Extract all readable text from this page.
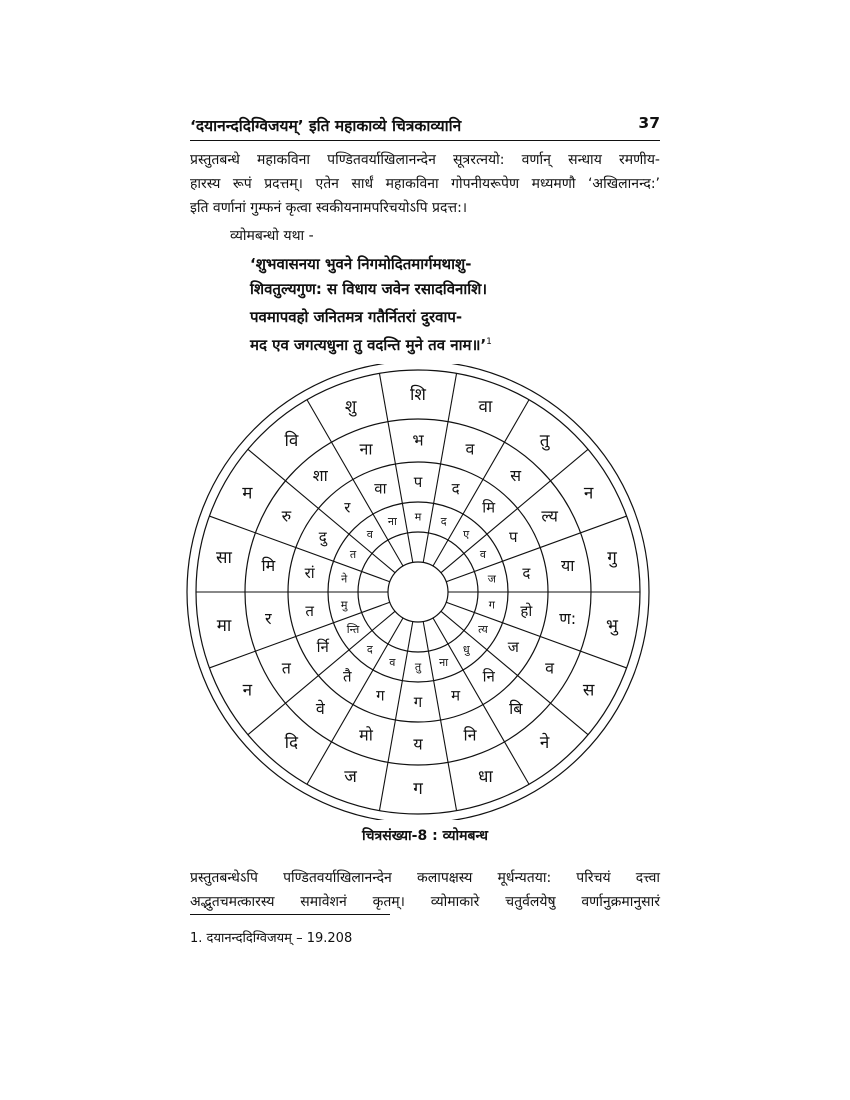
‘दयानन्ददिग्विजयम्’ इति महाकाव्ये चित्रकाव्यानि	37
प्रस्तुतबन्धे महाकविना पण्डितवर्याखिलानन्देन सूत्ररत्नयो: वर्णान् सन्धाय रमणीय-
हारस्य रूपं प्रदत्तम्। एतेन सार्धं महाकविना गोपनीयरूपेण मध्यमणौ ‘अखिलानन्द:’
इति वर्णानां गुम्फनं कृत्वा स्वकीयनामपरिचयोऽपि प्रदत्त:।
व्योमबन्धो यथा -
‘शुभवासनया भुवने निगमोदितमार्गमथाशु-
शिवतुल्यगुण: स विधाय जवेन रसादविनाशि।
पवमापवहो जनितमत्र गतैर्नितरां दुरवाप-
मद एव जगत्यधुना तु वदन्ति मुने तव नाम॥’$^1$
शि
वा
तु
न
गु
भु
स
ने
धा
ग
ज
दि
न
मा
सा
म
वि
शु
भ	व
स
ल्य
या
ण:
व
बि
नि
य
मो
वे
त
र
मि
रु
शा
ना
प द
मि
प
द
हो
ज
नि
म
ग
ग
तै
र्नि
त
रां
दु
र
वा
म द
ए
व
ज
ग
त्य
धु
ना
तु
व
द
न्ति
मु
ने
त
व
ना
चित्रसंख्या-8 : व्योमबन्ध
प्रस्तुतबन्धेऽपि पण्डितवर्याखिलानन्देन कलापक्षस्य मूर्धन्यतया: परिचयं दत्त्वा
अद्भुतचमत्कारस्य समावेशनं कृतम्। व्योमाकारे चतुर्वलयेषु वर्णानुक्रमानुसारं
1. दयानन्ददिग्विजयम् – 19.208
